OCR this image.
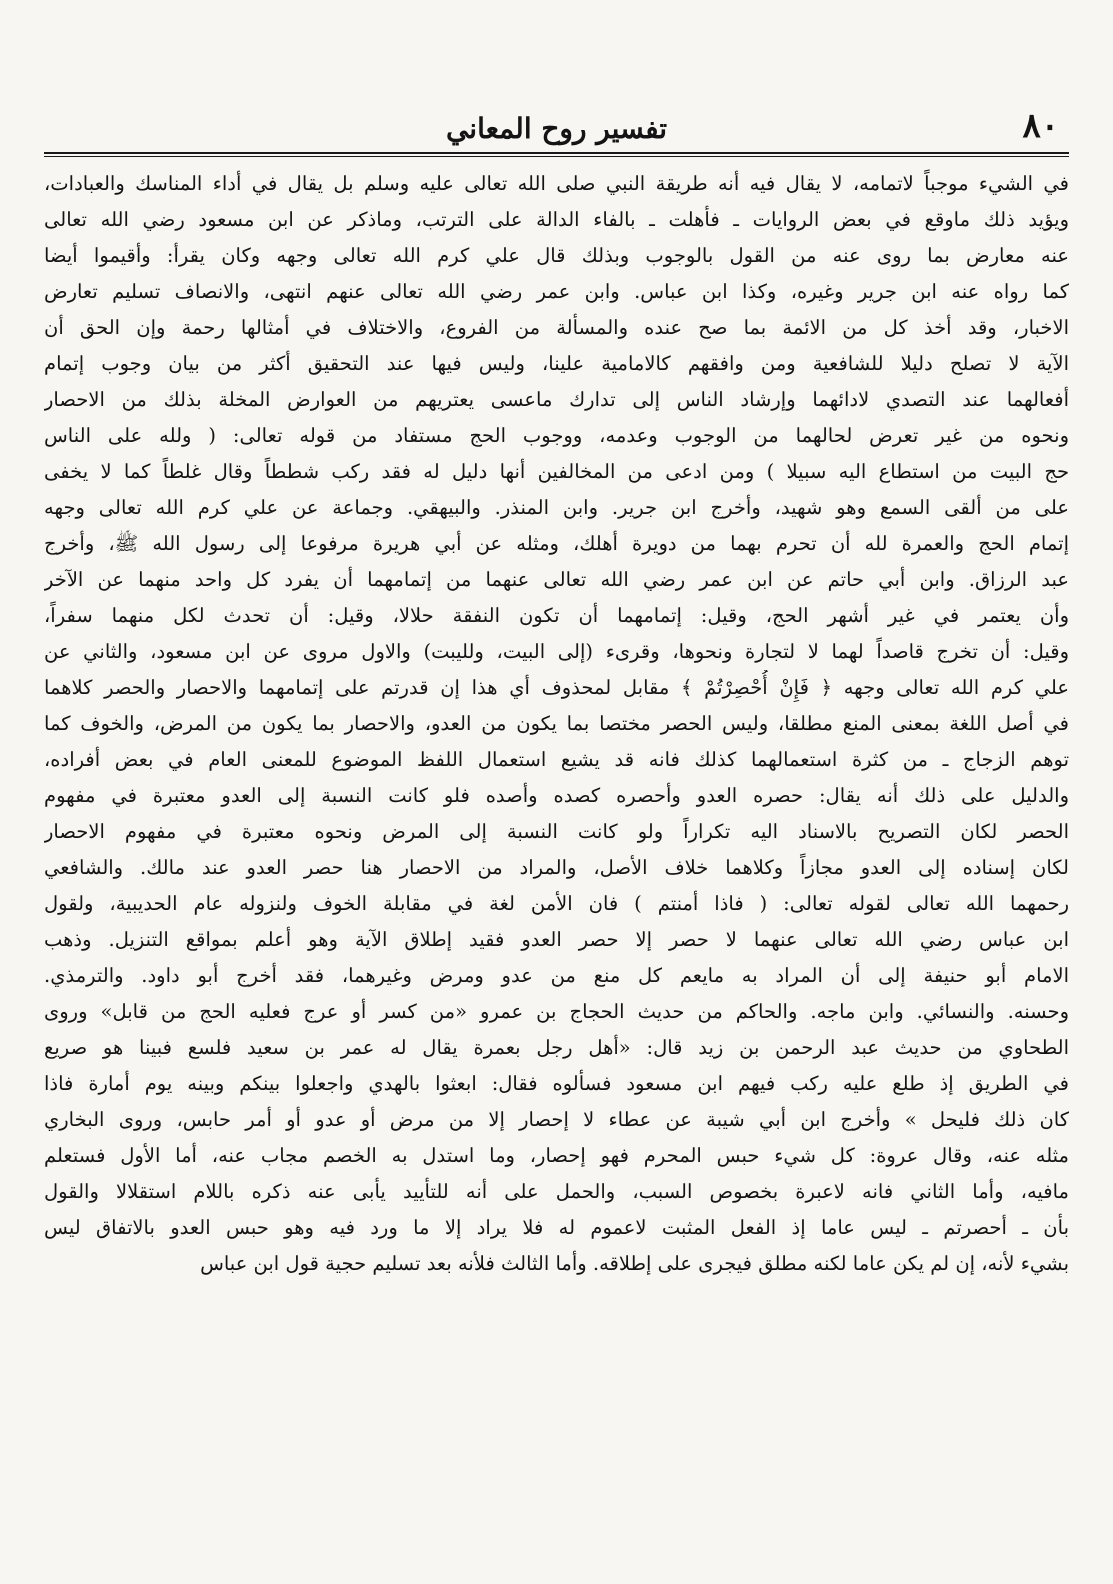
٨٠
تفسير روح المعاني
في الشيء موجباً لاتمامه، لا يقال فيه أنه طريقة النبي صلى الله تعالى عليه وسلم بل يقال في أداء المناسك والعبادات،
ويؤيد ذلك ماوقع في بعض الروايات ـ فأهلت ـ بالفاء الدالة على الترتب، وماذكر عن ابن مسعود رضي الله تعالى
عنه معارض بما روى عنه من القول بالوجوب وبذلك قال علي كرم الله تعالى وجهه وكان يقرأ: وأقيموا أيضا
كما رواه عنه ابن جرير وغيره، وكذا ابن عباس. وابن عمر رضي الله تعالى عنهم انتهى، والانصاف تسليم تعارض
الاخبار، وقد أخذ كل من الائمة بما صح عنده والمسألة من الفروع، والاختلاف في أمثالها رحمة وإن الحق أن
الآية لا تصلح دليلا للشافعية ومن وافقهم كالامامية علينا، وليس فيها عند التحقيق أكثر من بيان وجوب إتمام
أفعالهما عند التصدي لادائهما وإرشاد الناس إلى تدارك ماعسى يعتريهم من العوارض المخلة بذلك من الاحصار
ونحوه من غير تعرض لحالهما من الوجوب وعدمه، ووجوب الحج مستفاد من قوله تعالى: ( ولله على الناس
حج البيت من استطاع اليه سبيلا ) ومن ادعى من المخالفين أنها دليل له فقد ركب شططاً وقال غلطاً كما لا يخفى
على من ألقى السمع وهو شهيد، وأخرج ابن جرير. وابن المنذر. والبيهقي. وجماعة عن علي كرم الله تعالى وجهه
إتمام الحج والعمرة لله أن تحرم بهما من دويرة أهلك، ومثله عن أبي هريرة مرفوعا إلى رسول الله ﷺ، وأخرج
عبد الرزاق. وابن أبي حاتم عن ابن عمر رضي الله تعالى عنهما من إتمامهما أن يفرد كل واحد منهما عن الآخر
وأن يعتمر في غير أشهر الحج، وقيل: إتمامهما أن تكون النفقة حلالا، وقيل: أن تحدث لكل منهما سفراً،
وقيل: أن تخرج قاصداً لهما لا لتجارة ونحوها، وقرىء (إلى البيت، ولليبت) والاول مروى عن ابن مسعود، والثاني عن
علي كرم الله تعالى وجهه ﴿ فَإِنْ أُحْصِرْتُمْ ﴾ مقابل لمحذوف أي هذا إن قدرتم على إتمامهما والاحصار والحصر كلاهما
في أصل اللغة بمعنى المنع مطلقا، وليس الحصر مختصا بما يكون من العدو، والاحصار بما يكون من المرض، والخوف كما
توهم الزجاج ـ من كثرة استعمالهما كذلك فانه قد يشيع استعمال اللفظ الموضوع للمعنى العام في بعض أفراده،
والدليل على ذلك أنه يقال: حصره العدو وأحصره كصده وأصده فلو كانت النسبة إلى العدو معتبرة في مفهوم
الحصر لكان التصريح بالاسناد اليه تكراراً ولو كانت النسبة إلى المرض ونحوه معتبرة في مفهوم الاحصار
لكان إسناده إلى العدو مجازاً وكلاهما خلاف الأصل، والمراد من الاحصار هنا حصر العدو عند مالك. والشافعي
رحمهما الله تعالى لقوله تعالى: ( فاذا أمنتم ) فان الأمن لغة في مقابلة الخوف ولنزوله عام الحديبية، ولقول
ابن عباس رضي الله تعالى عنهما لا حصر إلا حصر العدو فقيد إطلاق الآية وهو أعلم بمواقع التنزيل. وذهب
الامام أبو حنيفة إلى أن المراد به مايعم كل منع من عدو ومرض وغيرهما، فقد أخرج أبو داود. والترمذي.
وحسنه. والنسائي. وابن ماجه. والحاكم من حديث الحجاج بن عمرو «من كسر أو عرج فعليه الحج من قابل» وروى
الطحاوي من حديث عبد الرحمن بن زيد قال: «أهل رجل بعمرة يقال له عمر بن سعيد فلسع فبينا هو صريع
في الطريق إذ طلع عليه ركب فيهم ابن مسعود فسألوه فقال: ابعثوا بالهدي واجعلوا بينكم وبينه يوم أمارة فاذا
كان ذلك فليحل » وأخرج ابن أبي شيبة عن عطاء لا إحصار إلا من مرض أو عدو أو أمر حابس، وروى البخاري
مثله عنه، وقال عروة: كل شيء حبس المحرم فهو إحصار، وما استدل به الخصم مجاب عنه، أما الأول فستعلم
مافيه، وأما الثاني فانه لاعبرة بخصوص السبب، والحمل على أنه للتأييد يأبى عنه ذكره باللام استقلالا والقول
بأن ـ أحصرتم ـ ليس عاما إذ الفعل المثبت لاعموم له فلا يراد إلا ما ورد فيه وهو حبس العدو بالاتفاق ليس
بشيء لأنه، إن لم يكن عاما لكنه مطلق فيجرى على إطلاقه. وأما الثالث فلأنه بعد تسليم حجية قول ابن عباس
